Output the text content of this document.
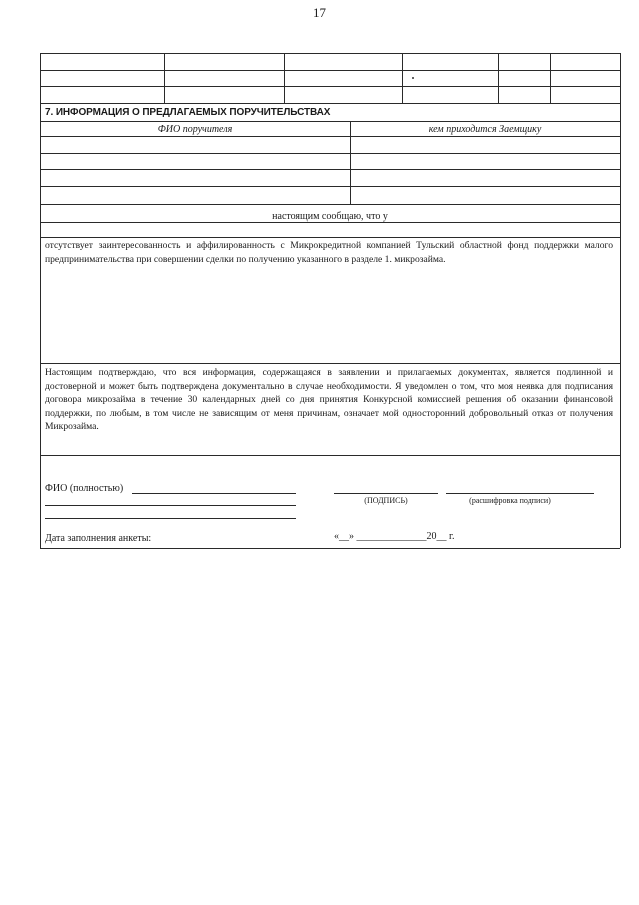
17
7. ИНФОРМАЦИЯ О ПРЕДЛАГАЕМЫХ ПОРУЧИТЕЛЬСТВАХ
ФИО поручителя	кем приходится Заемщику
настоящим сообщаю, что у
отсутствует заинтересованность и аффилированность с Микрокредитной компанией Тульский областной фонд поддержки малого предпринимательства при совершении сделки по получению указанного в разделе 1. микрозайма.
Настоящим подтверждаю, что вся информация, содержащаяся в заявлении и прилагаемых документах, является подлинной и достоверной и может быть подтверждена документально в случае необходимости. Я уведомлен о том, что моя неявка для подписания договора микрозайма в течение 30 календарных дней со дня принятия Конкурсной комиссией решения об оказании финансовой поддержки, по любым, в том числе не зависящим от меня причинам, означает мой односторонний добровольный отказ от получения Микрозайма.
ФИО (полностью)
(ПОДПИСЬ)	(расшифровка подписи)
Дата заполнения анкеты:	«__» ______________20__ г.
